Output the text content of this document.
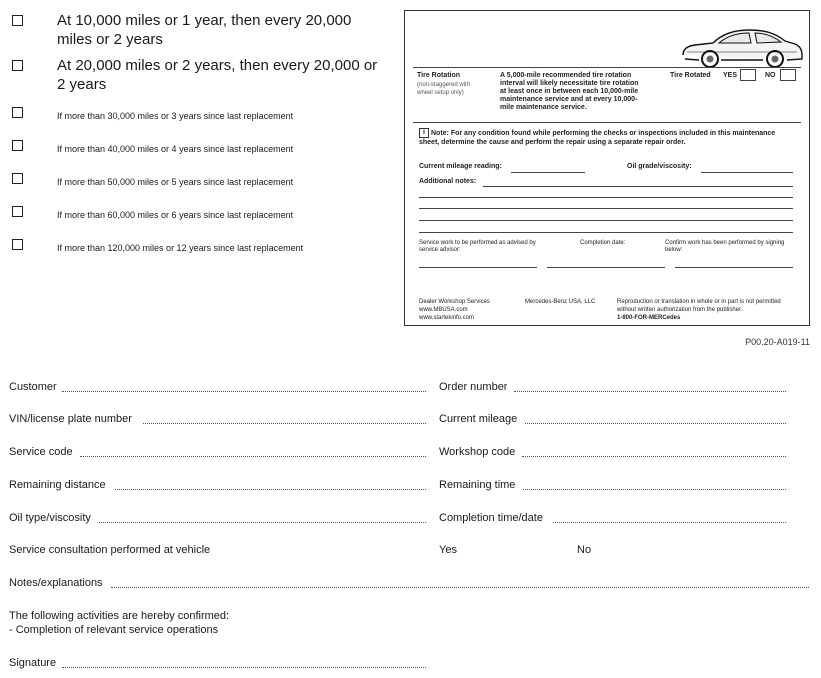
At 10,000 miles or 1 year, then every 20,000
miles or 2 years
At 20,000 miles or 2 years, then every 20,000 or
2 years
If more than 30,000 miles or 3 years since last replacement
If more than 40,000 miles or 4 years since last replacement
If more than 50,000 miles or 5 years since last replacement
If more than 60,000 miles or 6 years since last replacement
If more than 120,000 miles or 12 years since last replacement
Tire Rotation
(non-staggered with
wheel setup only)
A 5,000-mile recommended tire rotation
interval will likely necessitate tire rotation
at least once in between each 10,000-mile
maintenance service and at every 10,000-
mile maintenance service.
Tire Rotated YES	NO
i Note: For any condition found while performing the checks or inspections included in this maintenance
sheet, determine the cause and perform the repair using a separate repair order.
Current mileage reading:	Oil grade/viscosity:
Additional notes:
Service work to be performed as advised by
service advisor:
Completion date:	Confirm work has been performed by signing
below:
Dealer Workshop Services
www.MBUSA.com
www.startekinfo.com
Mercedes-Benz USA, LLC	Reproduction or translation in whole or in part is not permitted
without written authorization from the publisher.
1-800-FOR-MERCedes
P00.20-A019-11
Customer	Order number
VIN/license plate number	Current mileage
Service code	Workshop code
Remaining distance	Remaining time
Oil type/viscosity	Completion time/date
Service consultation performed at vehicle	Yes	No
Notes/explanations
The following activities are hereby confirmed:
- Completion of relevant service operations
Signature
